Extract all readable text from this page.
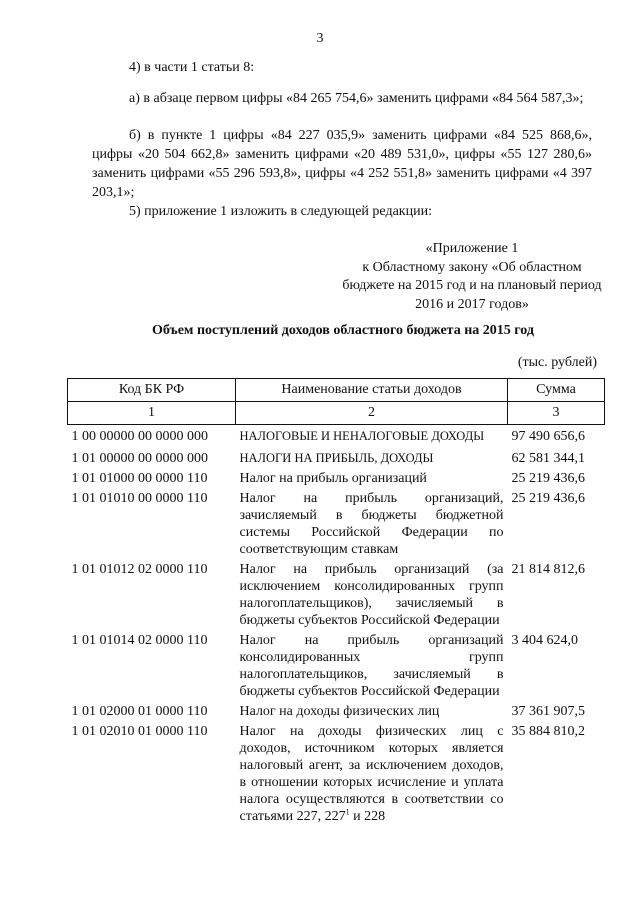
3
4) в части 1 статьи 8:
а) в абзаце первом цифры «84 265 754,6» заменить цифрами «84 564 587,3»;
б) в пункте 1 цифры «84 227 035,9» заменить цифрами «84 525 868,6», цифры «20 504 662,8» заменить цифрами «20 489 531,0», цифры «55 127 280,6» заменить цифрами «55 296 593,8», цифры «4 252 551,8» заменить цифрами «4 397 203,1»;
5) приложение 1 изложить в следующей редакции:
«Приложение 1
к Областному закону «Об областном бюджете на 2015 год и на плановый период 2016 и 2017 годов»
Объем поступлений доходов областного бюджета на 2015 год
(тыс. рублей)
Код БК РФ	Наименование статьи доходов	Сумма
1	2	3
1 00 00000 00 0000 000	НАЛОГОВЫЕ И НЕНАЛОГОВЫЕ ДОХОДЫ	97 490 656,6
1 01 00000 00 0000 000	НАЛОГИ НА ПРИБЫЛЬ, ДОХОДЫ	62 581 344,1
1 01 01000 00 0000 110	Налог на прибыль организаций	25 219 436,6
1 01 01010 00 0000 110	Налог на прибыль организаций, зачисляемый в бюджеты бюджетной системы Российской Федерации по соответствующим ставкам	25 219 436,6
1 01 01012 02 0000 110	Налог на прибыль организаций (за исключением консолидированных групп налогоплательщиков), зачисляемый в бюджеты субъектов Российской Федерации	21 814 812,6
1 01 01014 02 0000 110	Налог на прибыль организаций консолидированных групп налогоплательщиков, зачисляемый в бюджеты субъектов Российской Федерации	3 404 624,0
1 01 02000 01 0000 110	Налог на доходы физических лиц	37 361 907,5
1 01 02010 01 0000 110	Налог на доходы физических лиц с доходов, источником которых является налоговый агент, за исключением доходов, в отношении которых исчисление и уплата налога осуществляются в соответствии со статьями 227, $227^1$ и 228	35 884 810,2
